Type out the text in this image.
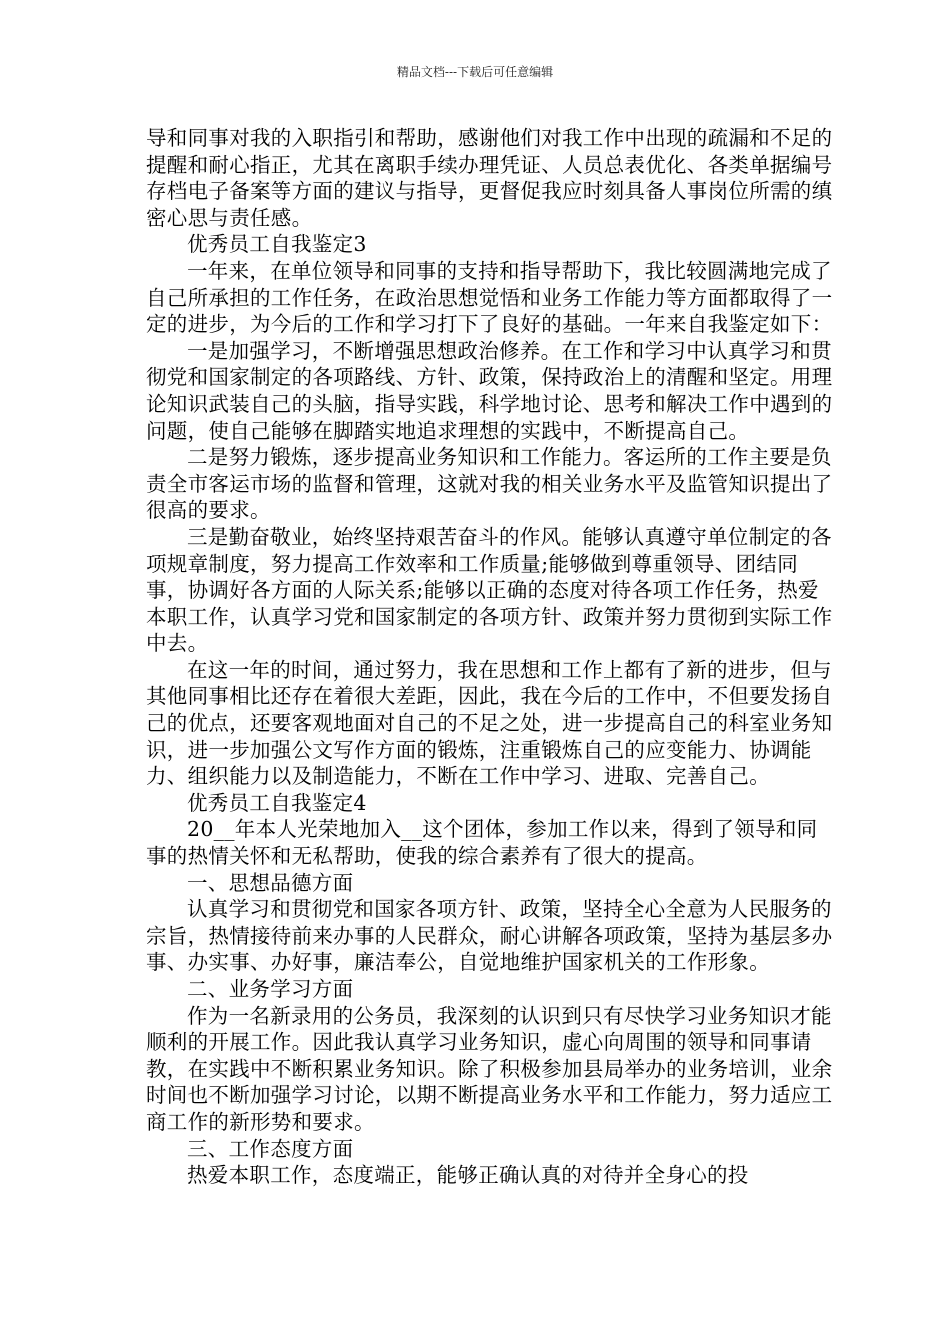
精品文档---下载后可任意编辑

导和同事对我的入职指引和帮助，感谢他们对我工作中出现的疏漏和不足的提醒和耐心指正，尤其在离职手续办理凭证、人员总表优化、各类单据编号存档电子备案等方面的建议与指导，更督促我应时刻具备人事岗位所需的缜密心思与责任感。

优秀员工自我鉴定3

一年来，在单位领导和同事的支持和指导帮助下，我比较圆满地完成了自己所承担的工作任务，在政治思想觉悟和业务工作能力等方面都取得了一定的进步，为今后的工作和学习打下了良好的基础。一年来自我鉴定如下：

一是加强学习，不断增强思想政治修养。在工作和学习中认真学习和贯彻党和国家制定的各项路线、方针、政策，保持政治上的清醒和坚定。用理论知识武装自己的头脑，指导实践，科学地讨论、思考和解决工作中遇到的问题，使自己能够在脚踏实地追求理想的实践中，不断提高自己。

二是努力锻炼，逐步提高业务知识和工作能力。客运所的工作主要是负责全市客运市场的监督和管理，这就对我的相关业务水平及监管知识提出了很高的要求。

三是勤奋敬业，始终坚持艰苦奋斗的作风。能够认真遵守单位制定的各项规章制度，努力提高工作效率和工作质量;能够做到尊重领导、团结同事，协调好各方面的人际关系;能够以正确的态度对待各项工作任务，热爱本职工作，认真学习党和国家制定的各项方针、政策并努力贯彻到实际工作中去。

在这一年的时间，通过努力，我在思想和工作上都有了新的进步，但与其他同事相比还存在着很大差距，因此，我在今后的工作中，不但要发扬自己的优点，还要客观地面对自己的不足之处，进一步提高自己的科室业务知识，进一步加强公文写作方面的锻炼，注重锻炼自己的应变能力、协调能力、组织能力以及制造能力，不断在工作中学习、进取、完善自己。

优秀员工自我鉴定4

20__年本人光荣地加入__这个团体，参加工作以来，得到了领导和同事的热情关怀和无私帮助，使我的综合素养有了很大的提高。

一、思想品德方面

认真学习和贯彻党和国家各项方针、政策，坚持全心全意为人民服务的宗旨，热情接待前来办事的人民群众，耐心讲解各项政策，坚持为基层多办事、办实事、办好事，廉洁奉公，自觉地维护国家机关的工作形象。

二、业务学习方面

作为一名新录用的公务员，我深刻的认识到只有尽快学习业务知识才能顺利的开展工作。因此我认真学习业务知识，虚心向周围的领导和同事请教，在实践中不断积累业务知识。除了积极参加县局举办的业务培训，业余时间也不断加强学习讨论，以期不断提高业务水平和工作能力，努力适应工商工作的新形势和要求。

三、工作态度方面

热爱本职工作，态度端正，能够正确认真的对待并全身心的投
